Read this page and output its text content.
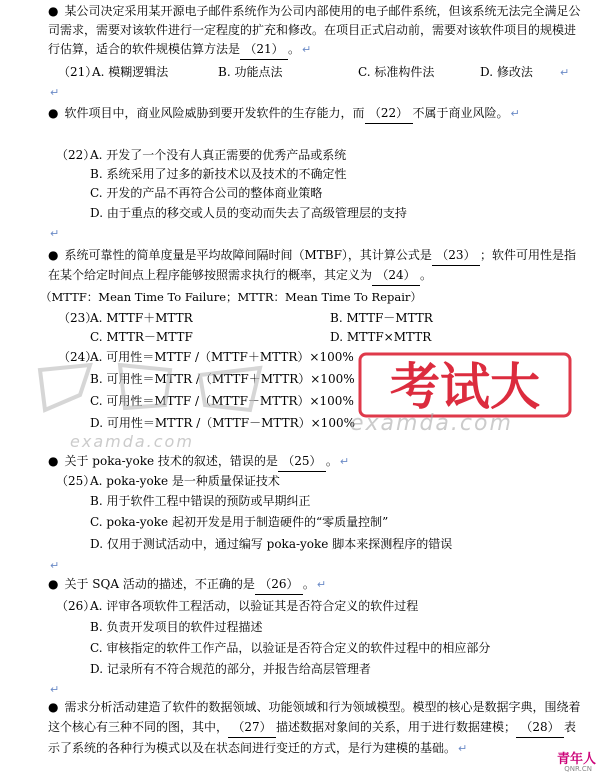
● 某公司决定采用某开源电子邮件系统作为公司内部使用的电子邮件系统，但该系统无法完全满足公司需求，需要对该软件进行一定程度的扩充和修改。在项目正式启动前，需要对该软件项目的规模进行估算，适合的软件规模估算方法是 （21） 。 ↵
（21）
A. 模糊逻辑法	B. 功能点法	C. 标准构件法	D. 修改法 ↵
↵
● 软件项目中，商业风险威胁到要开发软件的生存能力，而 （22） 不属于商业风险。 ↵
（22）
A. 开发了一个没有人真正需要的优秀产品或系统
B. 系统采用了过多的新技术以及技术的不确定性
C. 开发的产品不再符合公司的整体商业策略
D. 由于重点的移交或人员的变动而失去了高级管理层的支持
↵
● 系统可靠性的简单度量是平均故障间隔时间（MTBF），其计算公式是 （23） ；软件可用性是指在某个给定时间点上程序能够按照需求执行的概率，其定义为 （24） 。
（MTTF：Mean Time To Failure；MTTR：Mean Time To Repair）
（23）
A. MTTF＋MTTR	B. MTTF－MTTR
C. MTTR－MTTF	D. MTTF×MTTR
（24）
A. 可用性＝MTTF /（MTTF＋MTTR）×100%
B. 可用性＝MTTR /（MTTF＋MTTR）×100%
C. 可用性＝MTTF /（MTTF－MTTR）×100%
D. 可用性＝MTTR /（MTTF－MTTR）×100%
考试大
examda.com
examda.com
● 关于 poka-yoke 技术的叙述，错误的是 （25） 。 ↵
（25）
A. poka-yoke 是一种质量保证技术
B. 用于软件工程中错误的预防或早期纠正
C. poka-yoke 起初开发是用于制造硬件的“零质量控制”
D. 仅用于测试活动中，通过编写 poka-yoke 脚本来探测程序的错误
↵
● 关于 SQA 活动的描述，不正确的是 （26） 。 ↵
（26）
A. 评审各项软件工程活动，以验证其是否符合定义的软件过程
B. 负责开发项目的软件过程描述
C. 审核指定的软件工作产品，以验证是否符合定义的软件过程中的相应部分
D. 记录所有不符合规范的部分，并报告给高层管理者
↵
● 需求分析活动建造了软件的数据领域、功能领域和行为领域模型。模型的核心是数据字典，围绕着这个核心有三种不同的图，其中， （27） 描述数据对象间的关系，用于进行数据建模； （28） 表示了系统的各种行为模式以及在状态间进行变迁的方式，是行为建模的基础。 ↵
青年人
QNR.CN
